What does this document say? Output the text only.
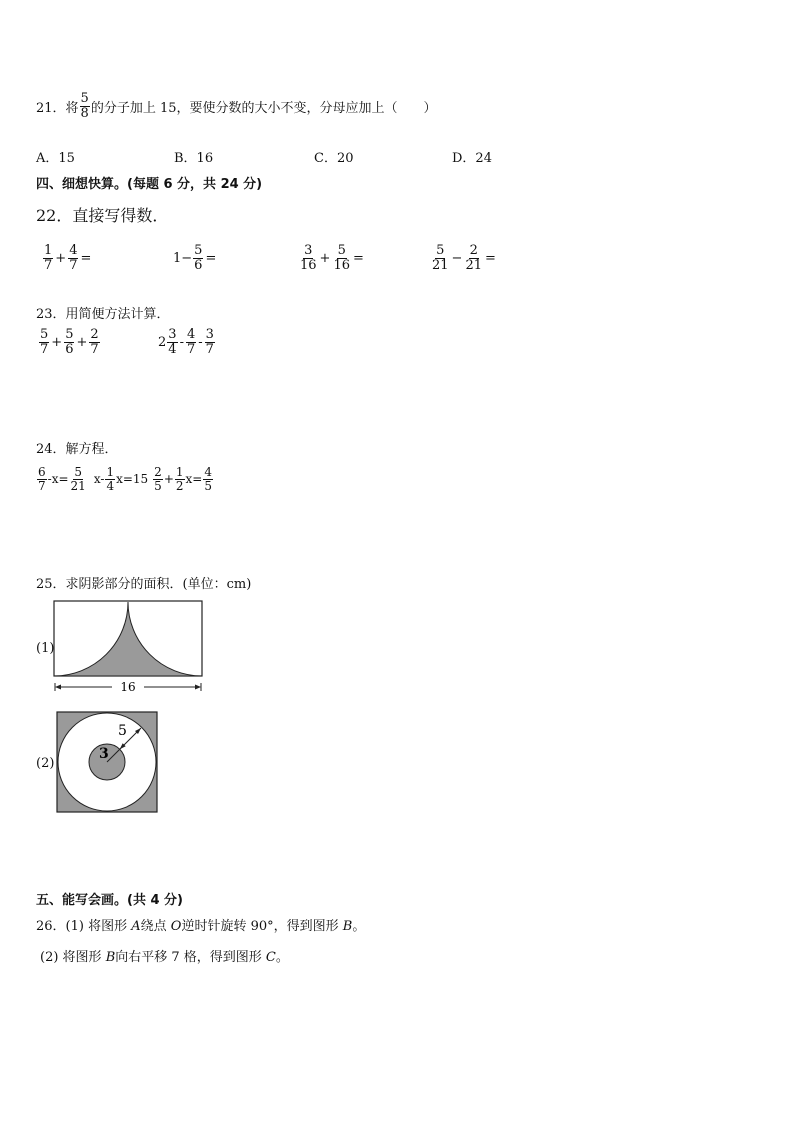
21．将 $\frac{5}{8}$ 的分子加上 15，要使分数的大小不变，分母应加上（　　）
A．15	B．16	C．20	D．24
四、细想快算。(每题 6 分，共 24 分)
22．直接写得数．
$\frac{1}{7} + \frac{4}{7}$ =	$1- \frac{5}{6}$ =	$\frac{3}{16} + \frac{5}{16}$ =	$\frac{5}{21} - \frac{2}{21}$ =
23．用简便方法计算．
$\frac{5}{7} + \frac{5}{6} + \frac{2}{7}$	$2 \frac{3}{4} - \frac{4}{7} - \frac{3}{7}$
24．解方程．
$\frac{6}{7} -x= \frac{5}{21} x- \frac{1}{4} x=15 \frac{2}{5} + \frac{1}{2} x= \frac{4}{5}$
25．求阴影部分的面积．(单位：cm)
(1)
16
(2)
5
3
五、能写会画。(共 4 分)
26．(1) 将图形 A绕点 O逆时针旋转 90°，得到图形 B。
(2) 将图形 B向右平移 7 格，得到图形 C。
